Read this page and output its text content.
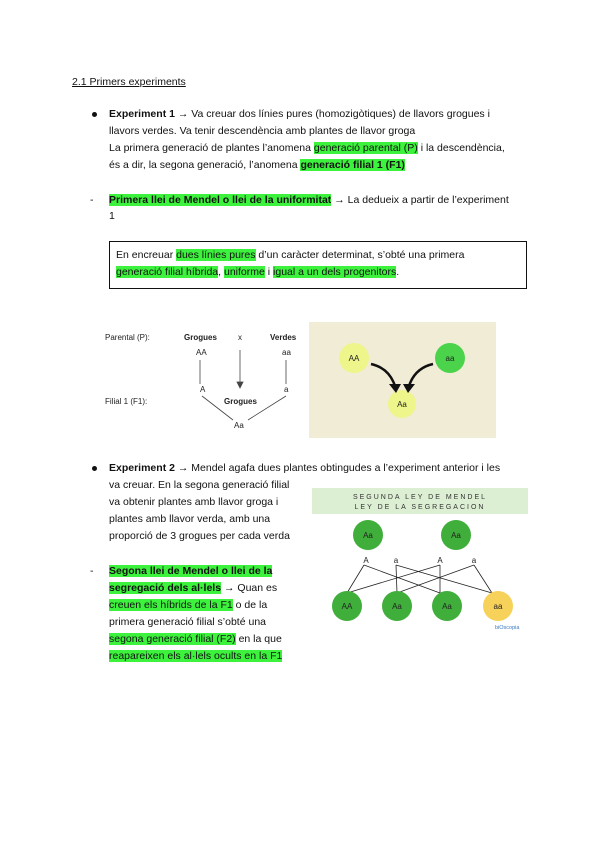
2.1 Primers experiments
Experiment 1 → Va creuar dos línies pures (homozigòtiques) de llavors grogues i
llavors verdes. Va tenir descendència amb plantes de llavor groga
La primera generació de plantes l’anomena generació parental (P) i la descendència,
és a dir, la segona generació, l’anomena generació filial 1 (F1)
- Primera llei de Mendel o llei de la uniformitat → La dedueix a partir de l’experiment
1
En encreuar dues línies pures d’un caràcter determinat, s’obté una primera
generació filial híbrida, uniforme i igual a un dels progenitors.
Parental (P):	Grogues	x	Verdes
AA	aa
A	a
Filial 1 (F1):	Grogues
Aa
AA	aa
Aa
Experiment 2 → Mendel agafa dues plantes obtingudes a l’experiment anterior i les
va creuar. En la segona generació filial
va obtenir plantes amb llavor groga i
plantes amb llavor verda, amb una
proporció de 3 grogues per cada verda
- Segona llei de Mendel o llei de la
segregació dels al·lels → Quan es
creuen els híbrids de la F1 o de la
primera generació filial s’obté una
segona generació filial (F2) en la que
reapareixen els al·lels ocults en la F1
SEGUNDA LEY DE MENDEL
LEY DE LA SEGREGACION
Aa	Aa
A	a	A	a
AA	Aa	Aa	aa
biOscopia
